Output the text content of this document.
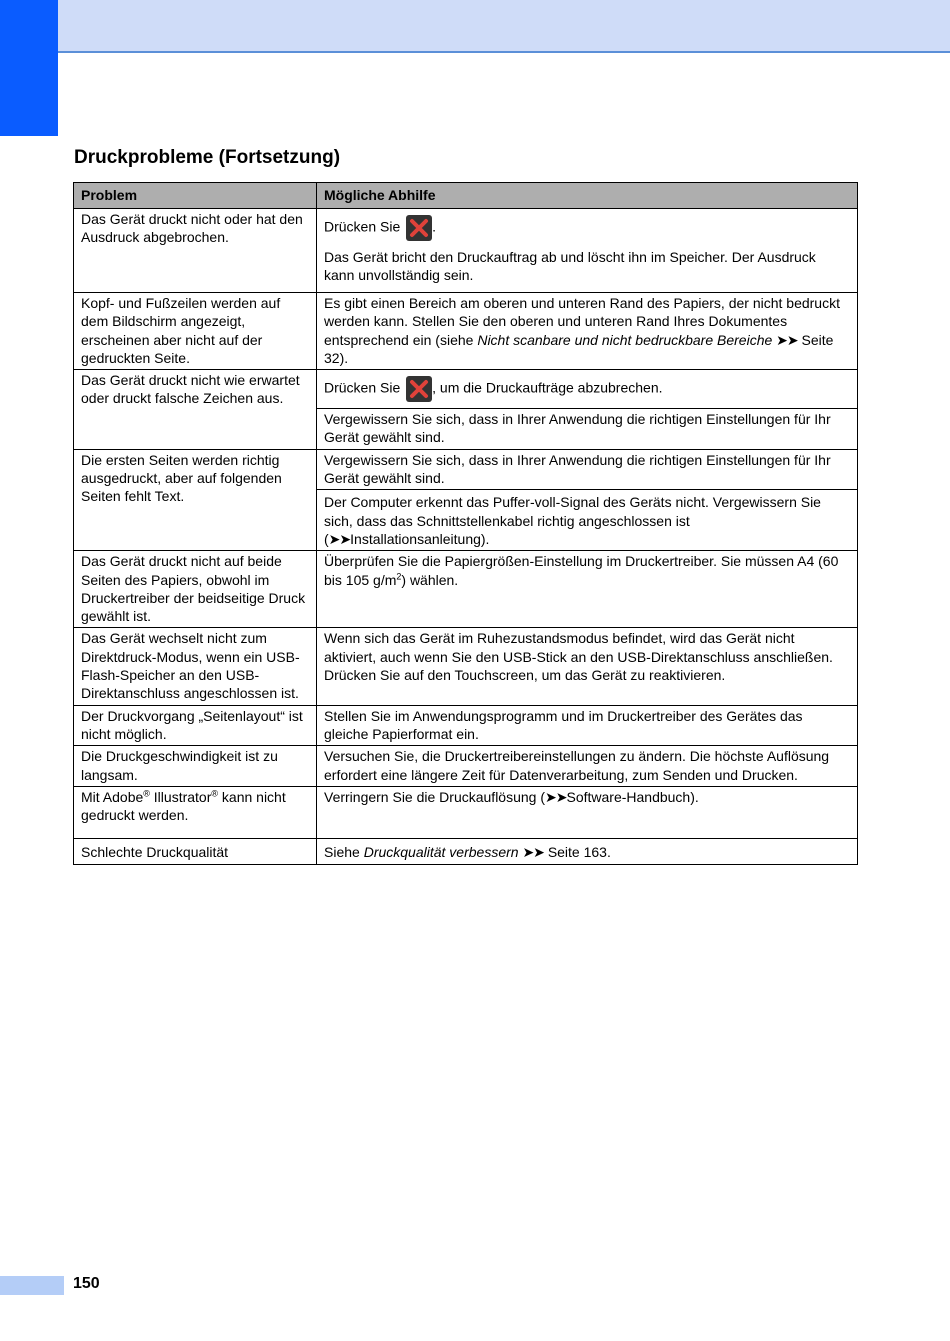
Druckprobleme (Fortsetzung)
Problem	Mögliche Abhilfe
Das Gerät druckt nicht oder hat den Ausdruck abgebrochen.	Drücken Sie .
	Das Gerät bricht den Druckauftrag ab und löscht ihn im Speicher. Der Ausdruck kann unvollständig sein.
Kopf- und Fußzeilen werden auf dem Bildschirm angezeigt, erscheinen aber nicht auf der gedruckten Seite.	Es gibt einen Bereich am oberen und unteren Rand des Papiers, der nicht bedruckt werden kann. Stellen Sie den oberen und unteren Rand Ihres Dokumentes entsprechend ein (siehe Nicht scanbare und nicht bedruckbare Bereiche ➤➤ Seite 32).
Das Gerät druckt nicht wie erwartet oder druckt falsche Zeichen aus.	Drücken Sie , um die Druckaufträge abzubrechen.
	Vergewissern Sie sich, dass in Ihrer Anwendung die richtigen Einstellungen für Ihr Gerät gewählt sind.
Die ersten Seiten werden richtig ausgedruckt, aber auf folgenden Seiten fehlt Text.	Vergewissern Sie sich, dass in Ihrer Anwendung die richtigen Einstellungen für Ihr Gerät gewählt sind.
	Der Computer erkennt das Puffer-voll-Signal des Geräts nicht. Vergewissern Sie sich, dass das Schnittstellenkabel richtig angeschlossen ist (➤➤Installationsanleitung).
Das Gerät druckt nicht auf beide Seiten des Papiers, obwohl im Druckertreiber der beidseitige Druck gewählt ist.	Überprüfen Sie die Papiergrößen-Einstellung im Druckertreiber. Sie müssen A4 (60 bis 105 $g/m^2$) wählen.
Das Gerät wechselt nicht zum Direktdruck-Modus, wenn ein USB-Flash-Speicher an den USB-Direktanschluss angeschlossen ist.	Wenn sich das Gerät im Ruhezustandsmodus befindet, wird das Gerät nicht aktiviert, auch wenn Sie den USB-Stick an den USB-Direktanschluss anschließen. Drücken Sie auf den Touchscreen, um das Gerät zu reaktivieren.
Der Druckvorgang „Seitenlayout“ ist nicht möglich.	Stellen Sie im Anwendungsprogramm und im Druckertreiber des Gerätes das gleiche Papierformat ein.
Die Druckgeschwindigkeit ist zu langsam.	Versuchen Sie, die Druckertreibereinstellungen zu ändern. Die höchste Auflösung erfordert eine längere Zeit für Datenverarbeitung, zum Senden und Drucken.
Mit Adobe® Illustrator® kann nicht gedruckt werden.	Verringern Sie die Druckauflösung (➤➤Software-Handbuch).
Schlechte Druckqualität	Siehe Druckqualität verbessern ➤➤ Seite 163.
150
